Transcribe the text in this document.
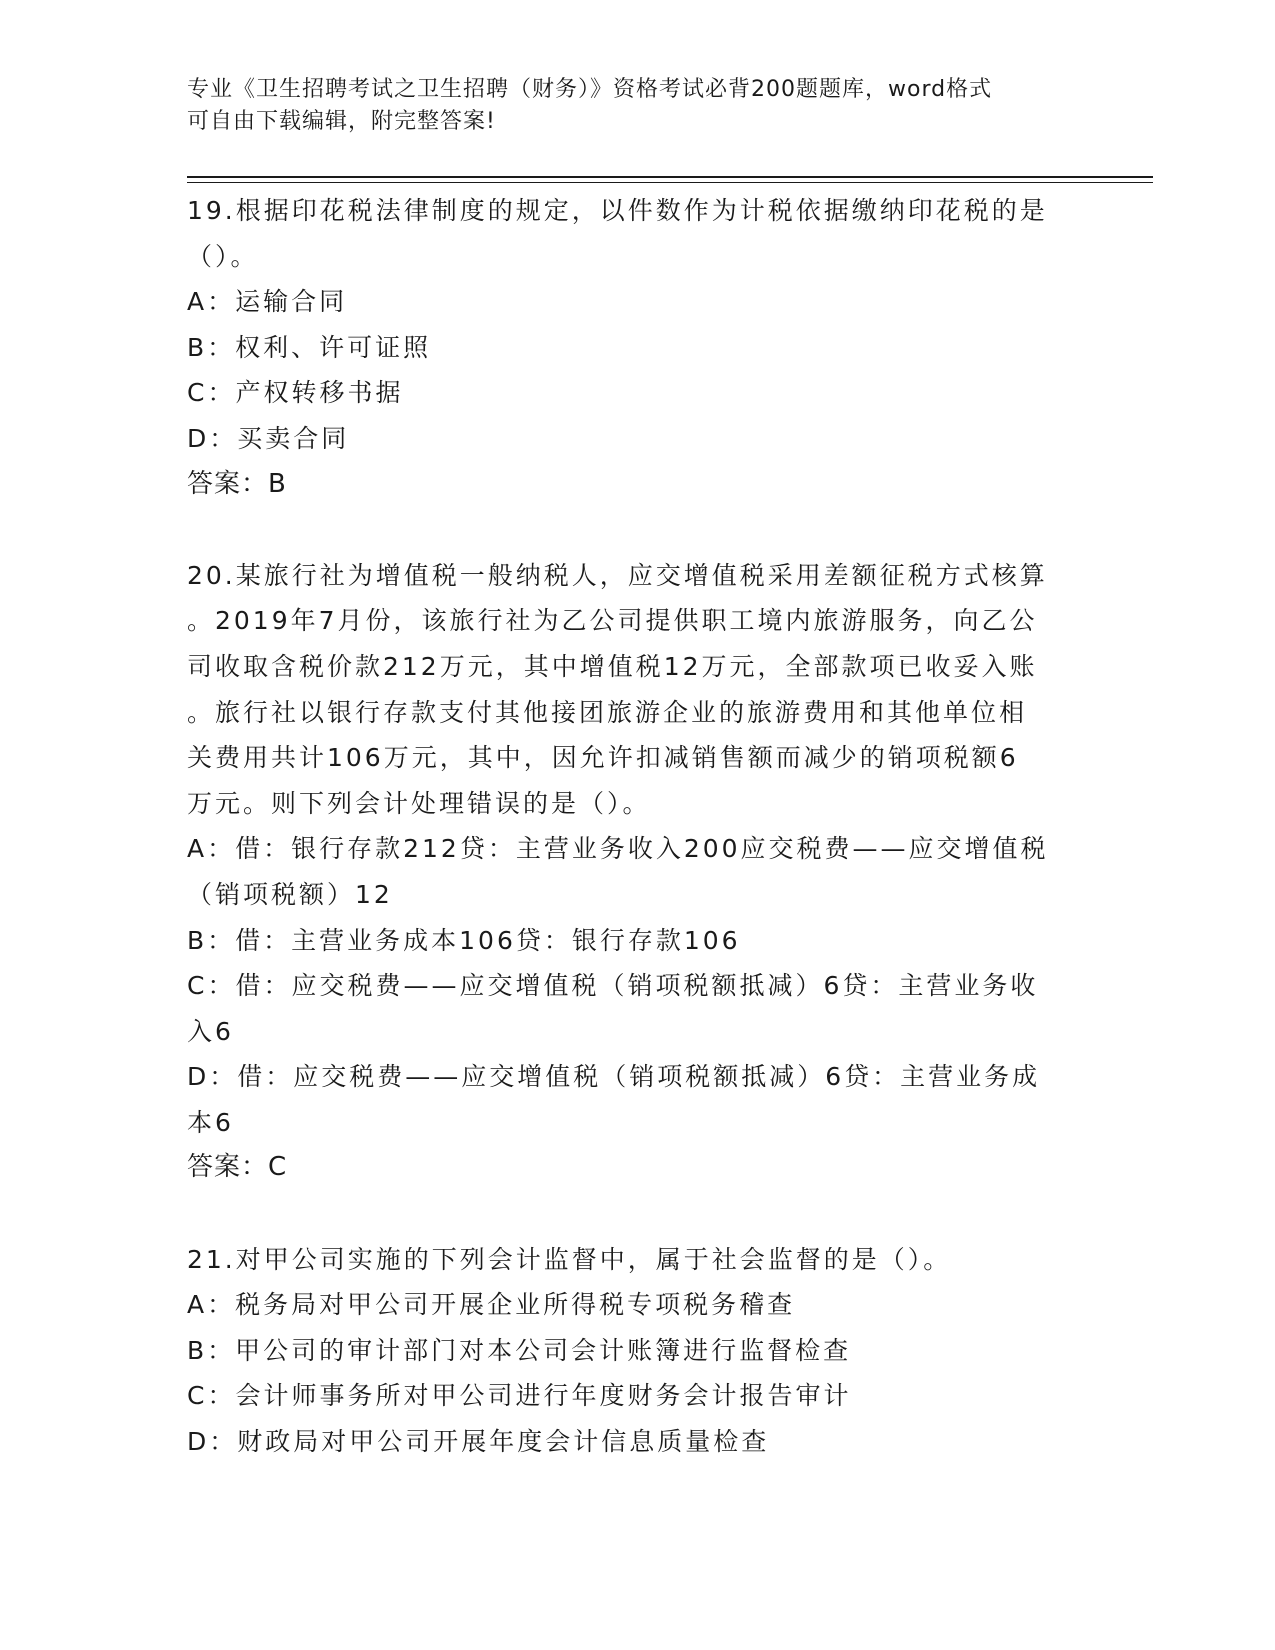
专业《卫生招聘考试之卫生招聘（财务）》资格考试必背200题题库，word格式

可自由下载编辑，附完整答案!

19.根据印花税法律制度的规定，以件数作为计税依据缴纳印花税的是

（）。

A：运输合同

B：权利、许可证照

C：产权转移书据

D：买卖合同

答案：B

20.某旅行社为增值税一般纳税人，应交增值税采用差额征税方式核算

。2019年7月份，该旅行社为乙公司提供职工境内旅游服务，向乙公

司收取含税价款212万元，其中增值税12万元，全部款项已收妥入账

。旅行社以银行存款支付其他接团旅游企业的旅游费用和其他单位相

关费用共计106万元，其中，因允许扣减销售额而减少的销项税额6

万元。则下列会计处理错误的是（）。

A：借：银行存款212贷：主营业务收入200应交税费——应交增值税

（销项税额）12

B：借：主营业务成本106贷：银行存款106

C：借：应交税费——应交增值税（销项税额抵减）6贷：主营业务收

入6

D：借：应交税费——应交增值税（销项税额抵减）6贷：主营业务成

本6

答案：C

21.对甲公司实施的下列会计监督中，属于社会监督的是（）。

A：税务局对甲公司开展企业所得税专项税务稽查

B：甲公司的审计部门对本公司会计账簿进行监督检查

C：会计师事务所对甲公司进行年度财务会计报告审计

D：财政局对甲公司开展年度会计信息质量检查
